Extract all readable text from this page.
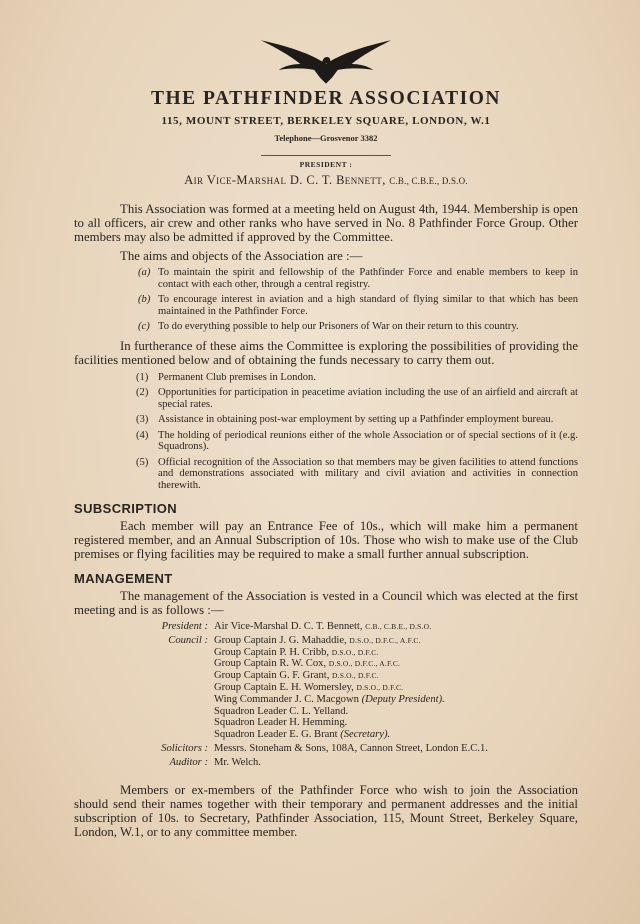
THE PATHFINDER ASSOCIATION
115, MOUNT STREET, BERKELEY SQUARE, LONDON, W.1
Telephone—Grosvenor 3382
PRESIDENT :
Air Vice-Marshal D. C. T. Bennett, C.B., C.B.E., D.S.O.

This Association was formed at a meeting held on August 4th, 1944. Membership is open to all officers, air crew and other ranks who have served in No. 8 Pathfinder Force Group. Other members may also be admitted if approved by the Committee.

The aims and objects of the Association are :—

(a) To maintain the spirit and fellowship of the Pathfinder Force and enable members to keep in contact with each other, through a central registry.
(b) To encourage interest in aviation and a high standard of flying similar to that which has been maintained in the Pathfinder Force.
(c) To do everything possible to help our Prisoners of War on their return to this country.

In furtherance of these aims the Committee is exploring the possibilities of providing the facilities mentioned below and of obtaining the funds necessary to carry them out.

(1) Permanent Club premises in London.
(2) Opportunities for participation in peacetime aviation including the use of an airfield and aircraft at special rates.
(3) Assistance in obtaining post-war employment by setting up a Pathfinder employment bureau.
(4) The holding of periodical reunions either of the whole Association or of special sections of it (e.g. Squadrons).
(5) Official recognition of the Association so that members may be given facilities to attend functions and demonstrations associated with military and civil aviation and activities in connection therewith.
SUBSCRIPTION

Each member will pay an Entrance Fee of 10s., which will make him a permanent registered member, and an Annual Subscription of 10s. Those who wish to make use of the Club premises or flying facilities may be required to make a small further annual subscription.

MANAGEMENT

The management of the Association is vested in a Council which was elected at the first meeting and is as follows :—

President : Air Vice-Marshal D. C. T. Bennett, C.B., C.B.E., D.S.O.
Council : Group Captain J. G. Mahaddie, D.S.O., D.F.C., A.F.C.
Group Captain P. H. Cribb, D.S.O., D.F.C.
Group Captain R. W. Cox, D.S.O., D.F.C., A.F.C.
Group Captain G. F. Grant, D.S.O., D.F.C.
Group Captain E. H. Womersley, D.S.O., D.F.C.
Wing Commander J. C. Macgown (Deputy President).
Squadron Leader C. L. Yelland.
Squadron Leader H. Hemming.
Squadron Leader E. G. Brant (Secretary).
Solicitors : Messrs. Stoneham & Sons, 108A, Cannon Street, London E.C.1.
Auditor : Mr. Welch.

Members or ex-members of the Pathfinder Force who wish to join the Association should send their names together with their temporary and permanent addresses and the initial subscription of 10s. to Secretary, Pathfinder Association, 115, Mount Street, Berkeley Square, London, W.1, or to any committee member.
